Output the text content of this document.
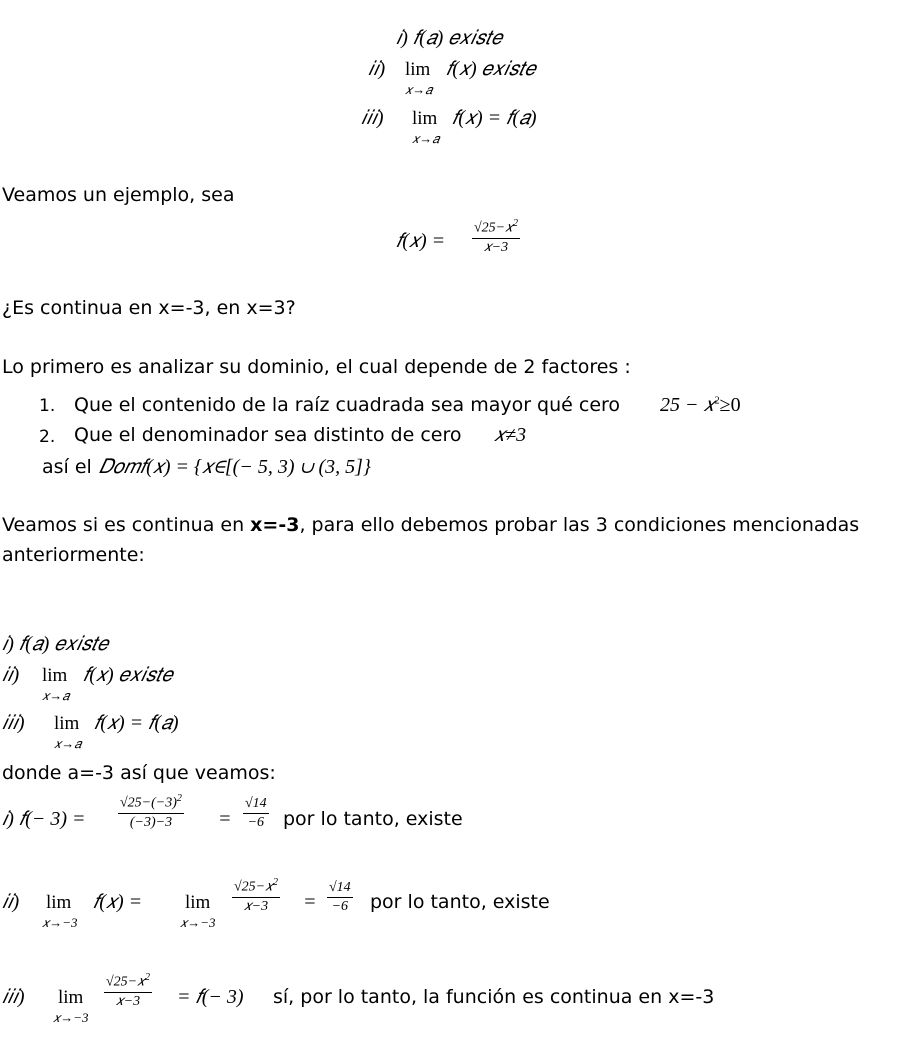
𝑖) 𝑓(𝑎) 𝑒𝑥𝑖𝑠𝑡𝑒
𝑖𝑖) lim
𝑥→𝑎
𝑓(𝑥) 𝑒𝑥𝑖𝑠𝑡𝑒
𝑖𝑖𝑖) lim
𝑥→𝑎
𝑓(𝑥) = 𝑓(𝑎)
Veamos un ejemplo, sea
𝑓(𝑥) =
√25−𝑥$^2$
𝑥−3
¿Es continua en x=-3, en x=3?
Lo primero es analizar su dominio, el cual depende de 2 factores :
1. Que el contenido de la raíz cuadrada sea mayor qué cero 25 − 𝑥$^2$≥0
2. Que el denominador sea distinto de cero 𝑥≠3
así el 𝐷𝑜𝑚𝑓(𝑥) = {𝑥∈[(− 5, 3) ∪ (3, 5]}
Veamos si es continua en x=-3, para ello debemos probar las 3 condiciones mencionadas
anteriormente:
𝑖) 𝑓(𝑎) 𝑒𝑥𝑖𝑠𝑡𝑒
𝑖𝑖) lim
𝑥→𝑎
𝑓(𝑥) 𝑒𝑥𝑖𝑠𝑡𝑒
𝑖𝑖𝑖) lim
𝑥→𝑎
𝑓(𝑥) = 𝑓(𝑎)
donde a=-3 así que veamos:
𝑖) 𝑓(− $3) = \frac{√25-(-3)^2}{(-3)-3} = \frac{√14}{-6}$ por lo tanto, existe
𝑖𝑖) lim
𝑥→−3
𝑓(𝑥) = lim
𝑥→−3
√25−𝑥$^2$
𝑥−3	= $\frac{√14}{-6}$ por lo tanto, existe
𝑖𝑖𝑖) lim
𝑥→−3
√25−𝑥$^2$
𝑥−3	= 𝑓(− 3) sí, por lo tanto, la función es continua en x=-3
